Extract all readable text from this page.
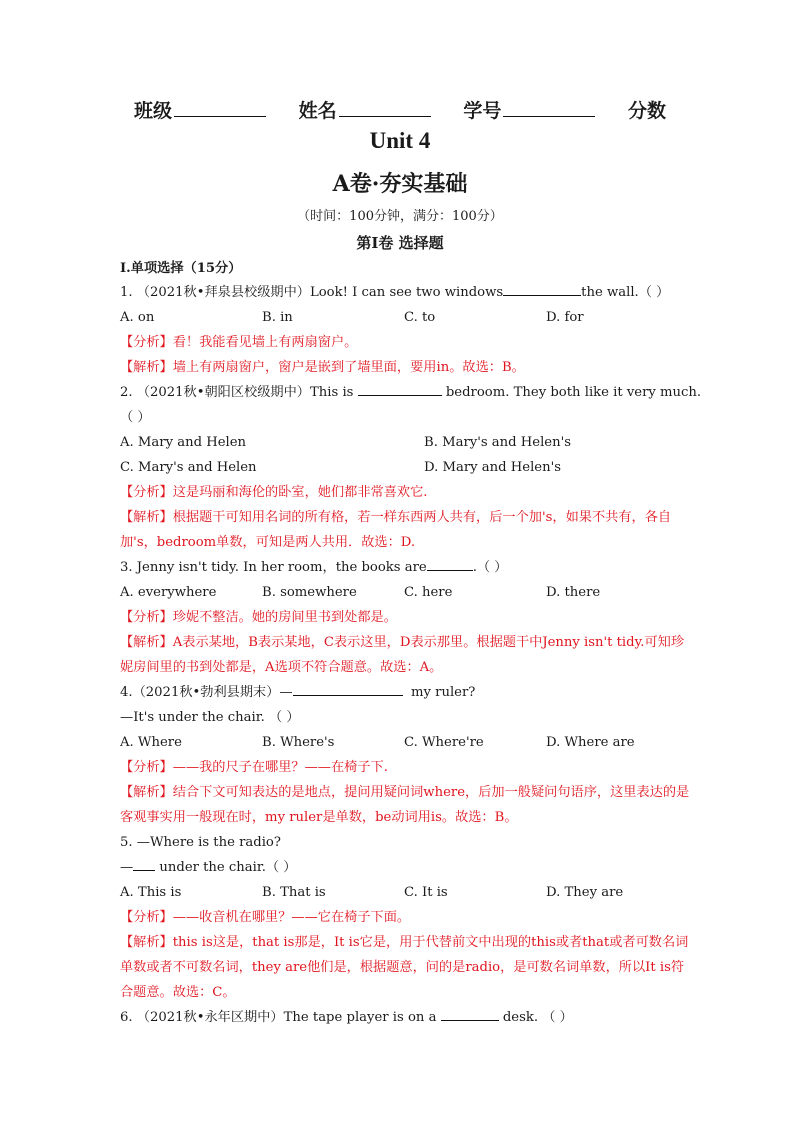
班级	姓名	学号	分数
Unit 4
A卷·夯实基础
（时间：100分钟，满分：100分）
第Ⅰ卷 选择题
I.单项选择（15分）
1. （2021秋•拜泉县校级期中）Look! I can see two windows	the wall.（ ）
A. on	B. in	C. to	D. for
【分析】看！我能看见墙上有两扇窗户。
【解析】墙上有两扇窗户，窗户是嵌到了墙里面，要用in。故选：B。
2. （2021秋•朝阳区校级期中）This is	bedroom. They both like it very much.
（ ）
A. Mary and Helen	B. Mary's and Helen's
C. Mary's and Helen	D. Mary and Helen's
【分析】这是玛丽和海伦的卧室，她们都非常喜欢它.
【解析】根据题干可知用名词的所有格，若一样东西两人共有，后一个加's，如果不共有，各自加's，bedroom单数，可知是两人共用．故选：D.
3. Jenny isn't tidy. In her room，the books are	.（ ）
A. everywhere	B. somewhere	C. here	D. there
【分析】珍妮不整洁。她的房间里书到处都是。
【解析】A表示某地，B表示某地，C表示这里，D表示那里。根据题干中Jenny isn't tidy.可知珍妮房间里的书到处都是，A选项不符合题意。故选：A。
4.（2021秋•勃利县期末）—	my ruler?
—It's under the chair. （ ）
A. Where	B. Where's	C. Where're	D. Where are
【分析】——我的尺子在哪里？——在椅子下.
【解析】结合下文可知表达的是地点，提问用疑问词where，后加一般疑问句语序，这里表达的是客观事实用一般现在时，my ruler是单数，be动词用is。故选：B。
5. —Where is the radio?
— under the chair.（ ）
A. This is	B. That is	C. It is	D. They are
【分析】——收音机在哪里？——它在椅子下面。
【解析】this is这是，that is那是，It is它是，用于代替前文中出现的this或者that或者可数名词单数或者不可数名词，they are他们是，根据题意，问的是radio，是可数名词单数，所以It is符合题意。故选：C。
6. （2021秋•永年区期中）The tape player is on a	desk. （ ）
